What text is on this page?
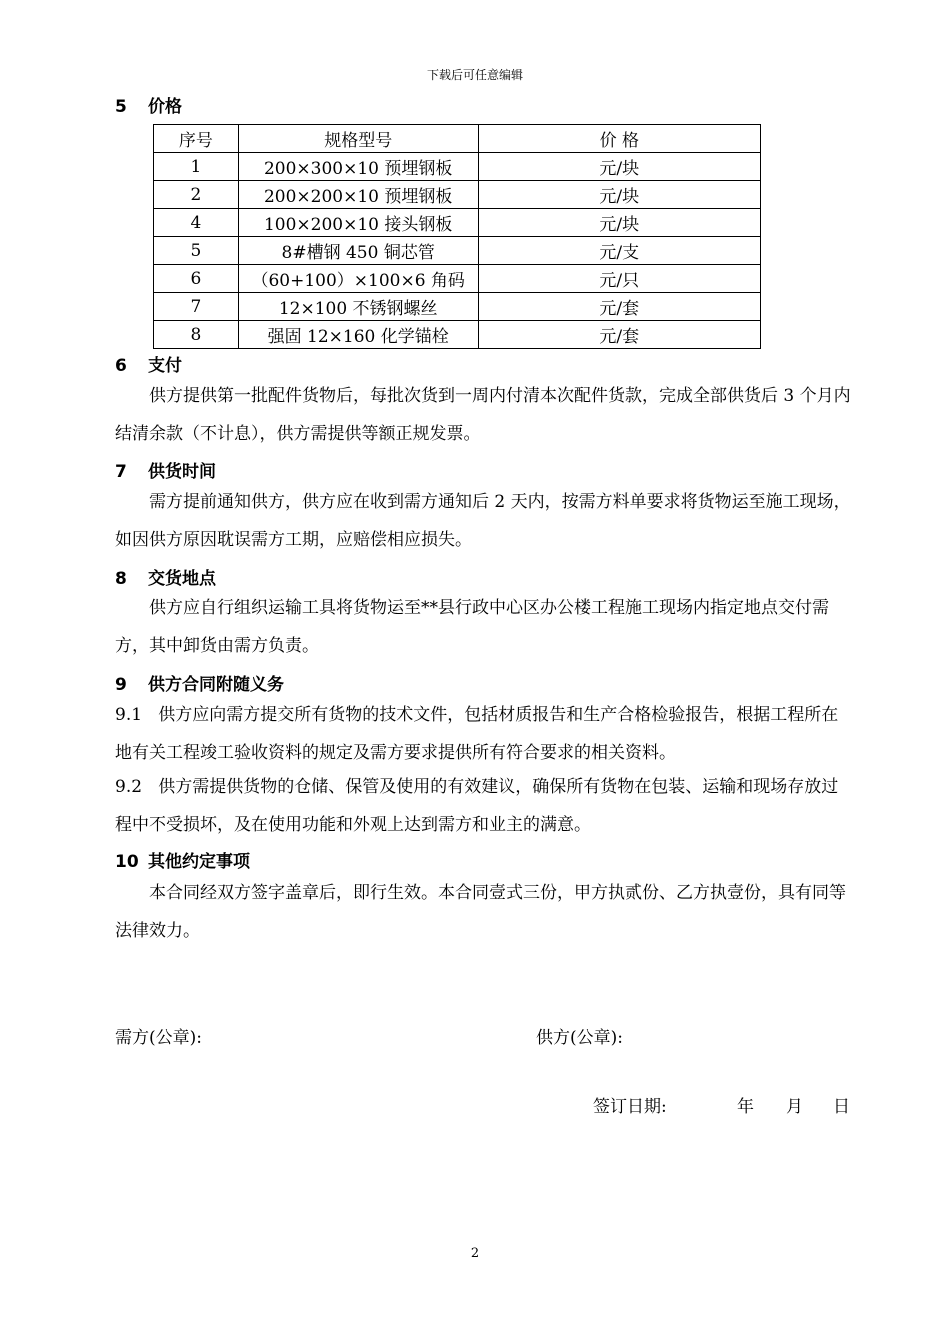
下载后可任意编辑
5 价格
序号	规格型号	价 格
1	200×300×10 预埋钢板	元/块
2	200×200×10 预埋钢板	元/块
4	100×200×10 接头钢板	元/块
5	8#槽钢 450 铜芯管	元/支
6	（60+100）×100×6 角码	元/只
7	12×100 不锈钢螺丝	元/套
8	强固 12×160 化学锚栓	元/套
6 支付
供方提供第一批配件货物后，每批次货到一周内付清本次配件货款，完成全部供货后 3 个月内结清余款（不计息），供方需提供等额正规发票。
7 供货时间
需方提前通知供方，供方应在收到需方通知后 2 天内，按需方料单要求将货物运至施工现场，如因供方原因耽误需方工期，应赔偿相应损失。
8 交货地点
供方应自行组织运输工具将货物运至**县行政中心区办公楼工程施工现场内指定地点交付需方，其中卸货由需方负责。
9 供方合同附随义务
9.1 供方应向需方提交所有货物的技术文件，包括材质报告和生产合格检验报告，根据工程所在地有关工程竣工验收资料的规定及需方要求提供所有符合要求的相关资料。
9.2 供方需提供货物的仓储、保管及使用的有效建议，确保所有货物在包装、运输和现场存放过程中不受损坏，及在使用功能和外观上达到需方和业主的满意。
10 其他约定事项
本合同经双方签字盖章后，即行生效。本合同壹式三份，甲方执贰份、乙方执壹份，具有同等法律效力。
需方(公章):	供方(公章):
签订日期:	年 月 日
2
